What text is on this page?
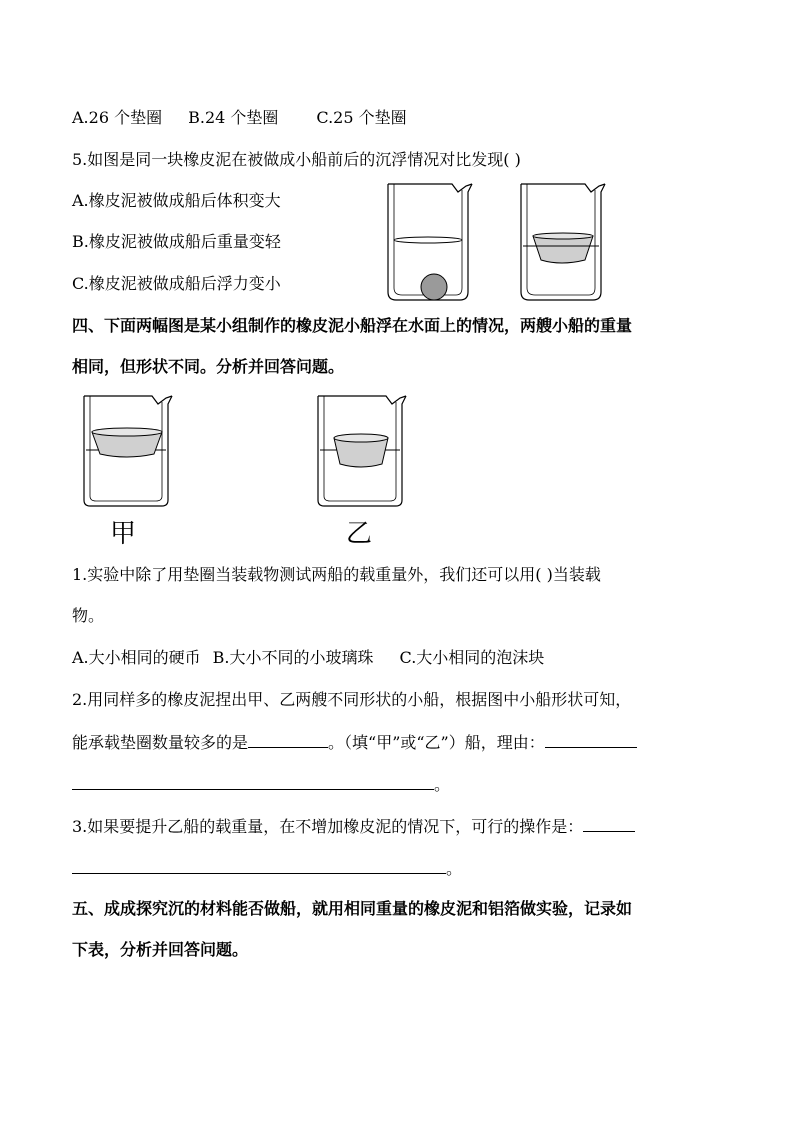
A.26 个垫圈 B.24 个垫圈 C.25 个垫圈
5.如图是同一块橡皮泥在被做成小船前后的沉浮情况对比发现( )
A.橡皮泥被做成船后体积变大
B.橡皮泥被做成船后重量变轻
C.橡皮泥被做成船后浮力变小
四、下面两幅图是某小组制作的橡皮泥小船浮在水面上的情况，两艘小船的重量
相同，但形状不同。分析并回答问题。
甲	乙
1.实验中除了用垫圈当装载物测试两船的载重量外，我们还可以用( )当装载
物。
A.大小相同的硬币 B.大小不同的小玻璃珠 C.大小相同的泡沫块
2.用同样多的橡皮泥捏出甲、乙两艘不同形状的小船，根据图中小船形状可知，
能承载垫圈数量较多的是	。（填“甲”或“乙”）船，理由：
。
3.如果要提升乙船的载重量，在不增加橡皮泥的情况下，可行的操作是：
。
五、成成探究沉的材料能否做船，就用相同重量的橡皮泥和铝箔做实验，记录如
下表，分析并回答问题。
